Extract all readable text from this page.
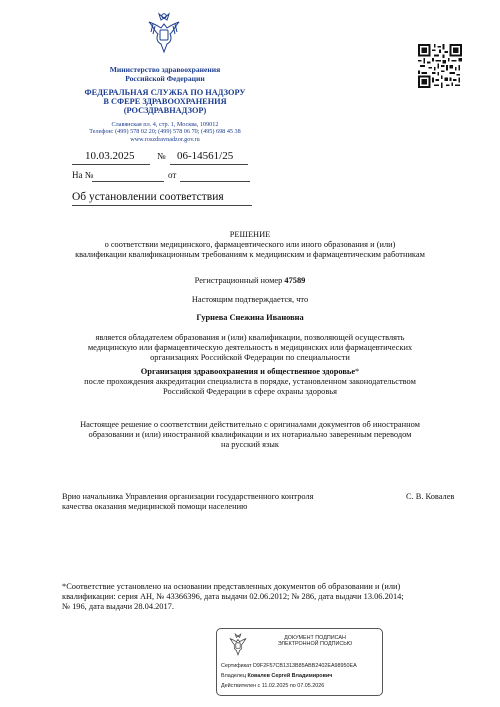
Министерство здравоохранения
Российской Федерации
ФЕДЕРАЛЬНАЯ СЛУЖБА ПО НАДЗОРУ
В СФЕРЕ ЗДРАВООХРАНЕНИЯ
(РОСЗДРАВНАДЗОР)
Славянская пл. 4, стр. 1, Москва, 109012
Телефон: (499) 578 02 20; (499) 578 06 70; (495) 698 45 38
www.roszdravnadzor.gov.ru
10.03.2025	№ 06-14561/25
На №	от
Об установлении соответствия
РЕШЕНИЕ
о соответствии медицинского, фармацевтического или иного образования и (или)
квалификации квалификационным требованиям к медицинским и фармацевтическим работникам
Регистрационный номер 47589
Настоящим подтверждается, что
Гурнева Снежина Ивановна
является обладателем образования и (или) квалификации, позволяющей осуществлять
медицинскую или фармацевтическую деятельность в медицинских или фармацевтических
организациях Российской Федерации по специальности
Организация здравоохранения и общественное здоровье*
после прохождения аккредитации специалиста в порядке, установленном законодательством
Российской Федерации в сфере охраны здоровья
Настоящее решение о соответствии действительно с оригиналами документов об иностранном
образовании и (или) иностранной квалификации и их нотариально заверенным переводом
на русский язык
Врио начальника Управления организации государственного контроля
качества оказания медицинской помощи населению
С. В. Ковалев
*Соответствие установлено на основании представленных документов об образовании и (или)
квалификации: серия АН, № 43366396, дата выдачи 02.06.2012; № 286, дата выдачи 13.06.2014;
№ 196, дата выдачи 28.04.2017.
ДОКУМЕНТ ПОДПИСАН
ЭЛЕКТРОННОЙ ПОДПИСЬЮ
Сертификат D9F2F57CB1313B85ABB2402EA98950EA
Владелец Ковалев Сергей Владимирович
Действителен с 11.02.2025 по 07.05.2026
